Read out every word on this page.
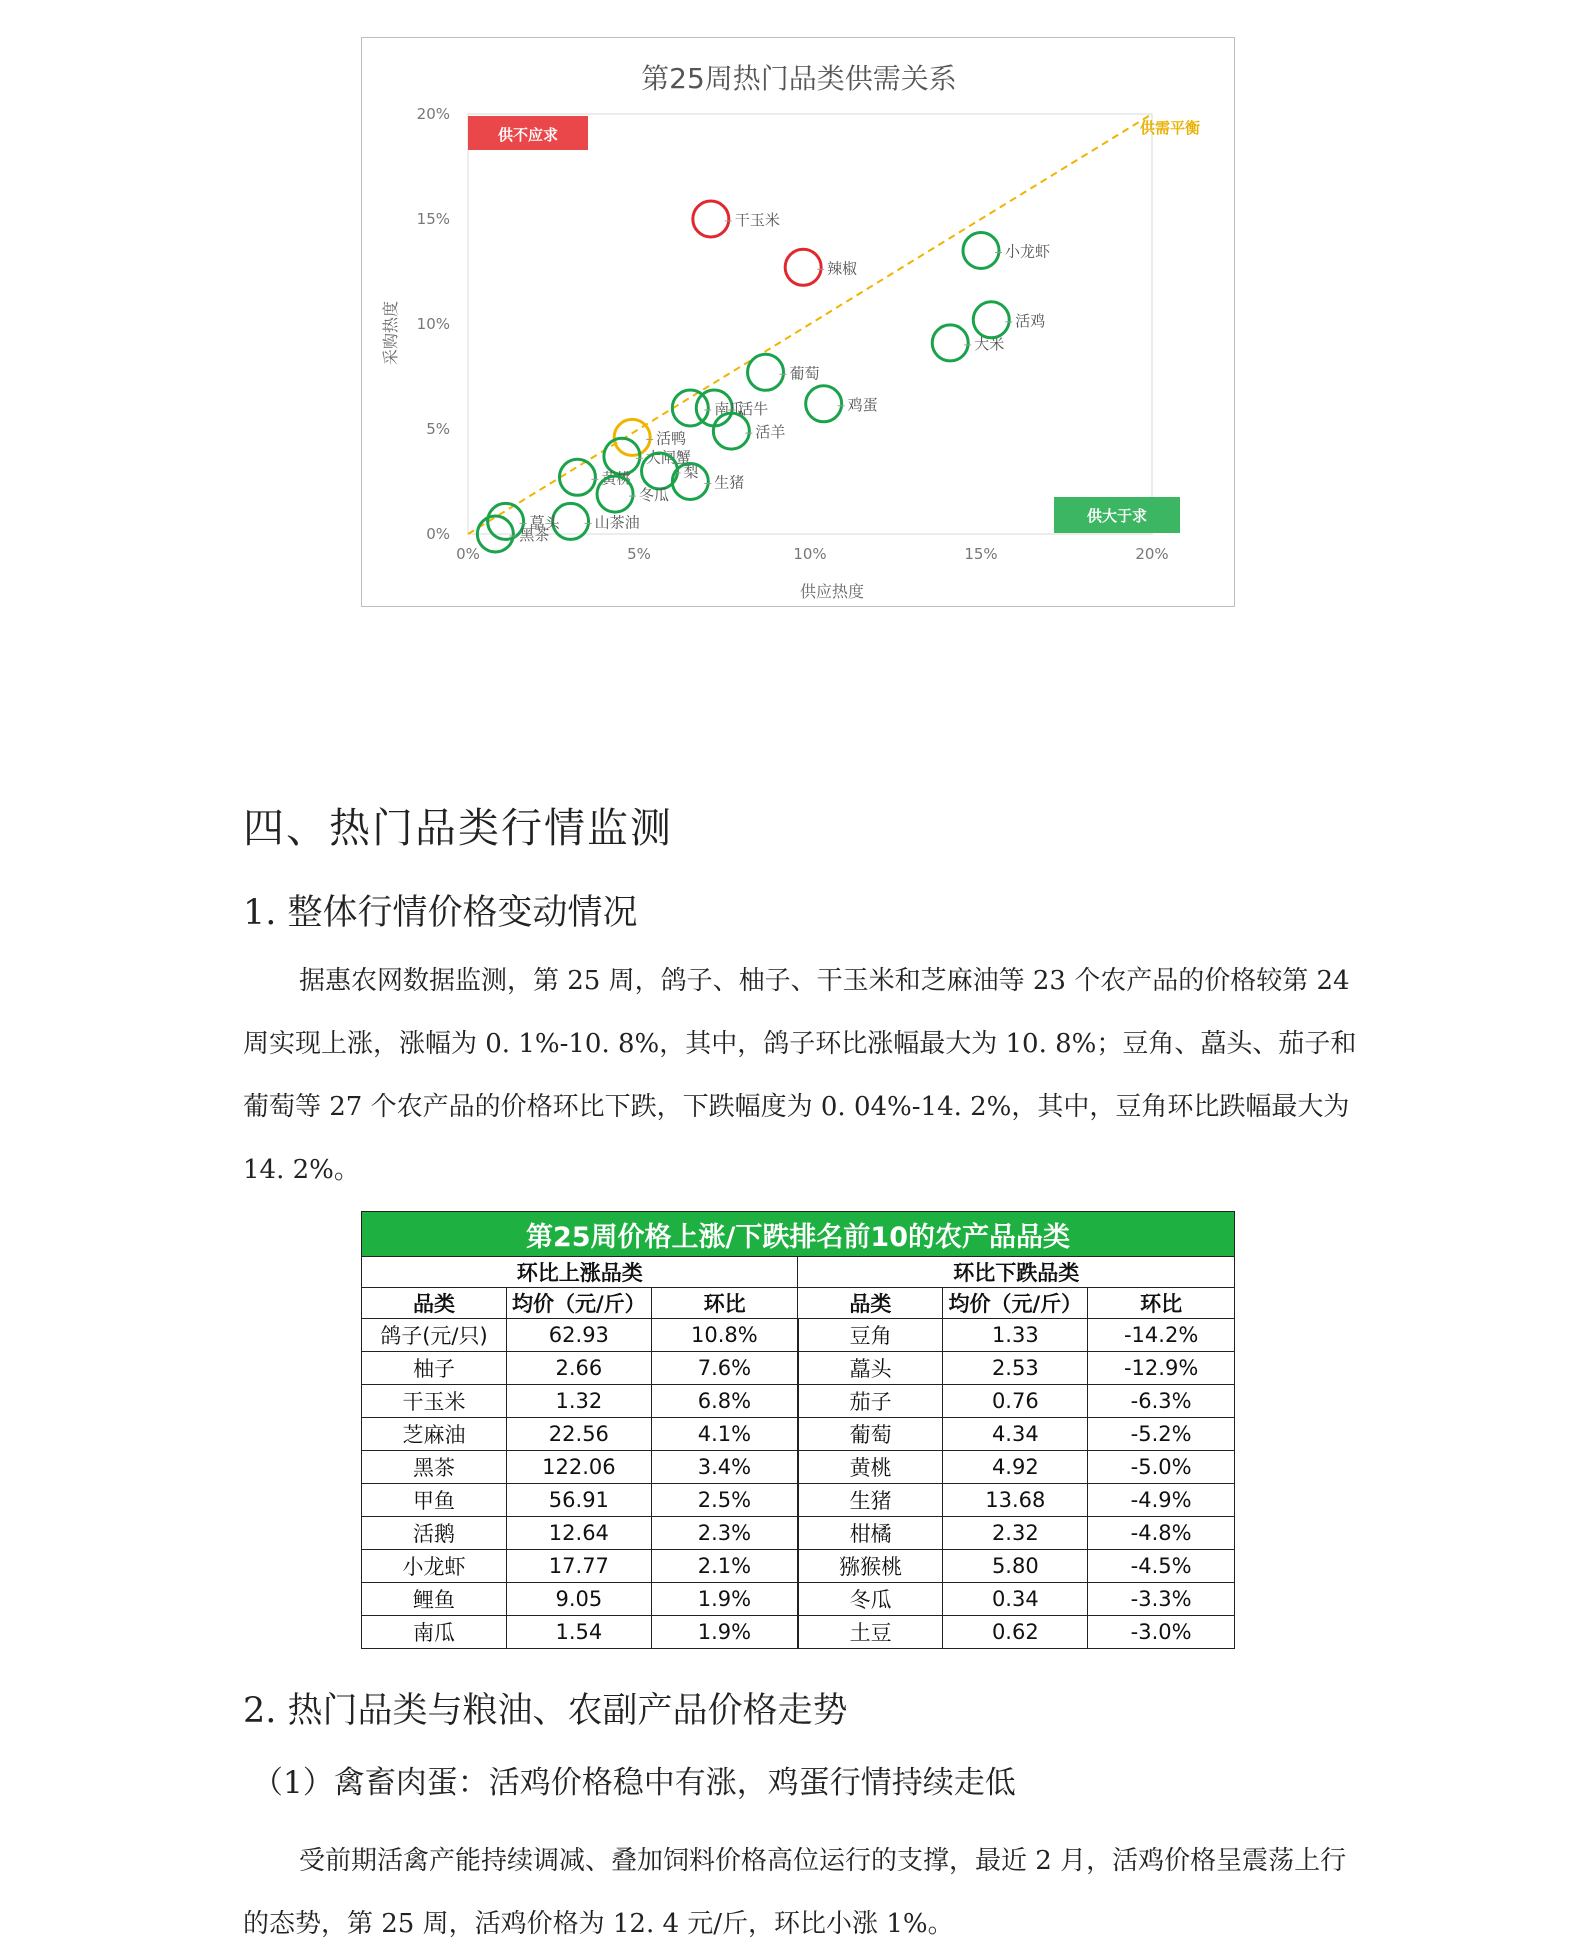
第25周热门品类供需关系
供不应求
供大于求
供需平衡
供应热度
采购热度
0%	5%	10%	15%	20%
0%
5%
10%
15%
20%
干玉米
辣椒
小龙虾
大米
活鸡
葡萄
鸡蛋
活牛
南瓜
活羊
活鸭
大闸蟹
黄桃	梨
生猪
冬瓜
山茶油
藠头
黑茶
四、热门品类行情监测
1. 整体行情价格变动情况

据惠农网数据监测，第 25 周，鸽子、柚子、干玉米和芝麻油等 23 个农产品的价格较第 24 周实现上涨，涨幅为 0. 1%-10. 8%，其中，鸽子环比涨幅最大为 10. 8%；豆角、藠头、茄子和葡萄等 27 个农产品的价格环比下跌，下跌幅度为 0. 04%-14. 2%，其中，豆角环比跌幅最大为 14. 2%。

第25周价格上涨/下跌排名前10的农产品品类					
环比上涨品类			环比下跌品类		
品类	均价（元/斤）	环比	品类	均价（元/斤）	环比
鸽子(元/只)	62.93	10.8%	豆角	1.33	-14.2%
柚子	2.66	7.6%	藠头	2.53	-12.9%
干玉米	1.32	6.8%	茄子	0.76	-6.3%
芝麻油	22.56	4.1%	葡萄	4.34	-5.2%
黑茶	122.06	3.4%	黄桃	4.92	-5.0%
甲鱼	56.91	2.5%	生猪	13.68	-4.9%
活鹅	12.64	2.3%	柑橘	2.32	-4.8%
小龙虾	17.77	2.1%	猕猴桃	5.80	-4.5%
鲤鱼	9.05	1.9%	冬瓜	0.34	-3.3%
南瓜	1.54	1.9%	土豆	0.62	-3.0%
2. 热门品类与粮油、农副产品价格走势
（1）禽畜肉蛋：活鸡价格稳中有涨，鸡蛋行情持续走低

受前期活禽产能持续调减、叠加饲料价格高位运行的支撑，最近 2 月，活鸡价格呈震荡上行的态势，第 25 周，活鸡价格为 12. 4 元/斤，环比小涨 1%。
